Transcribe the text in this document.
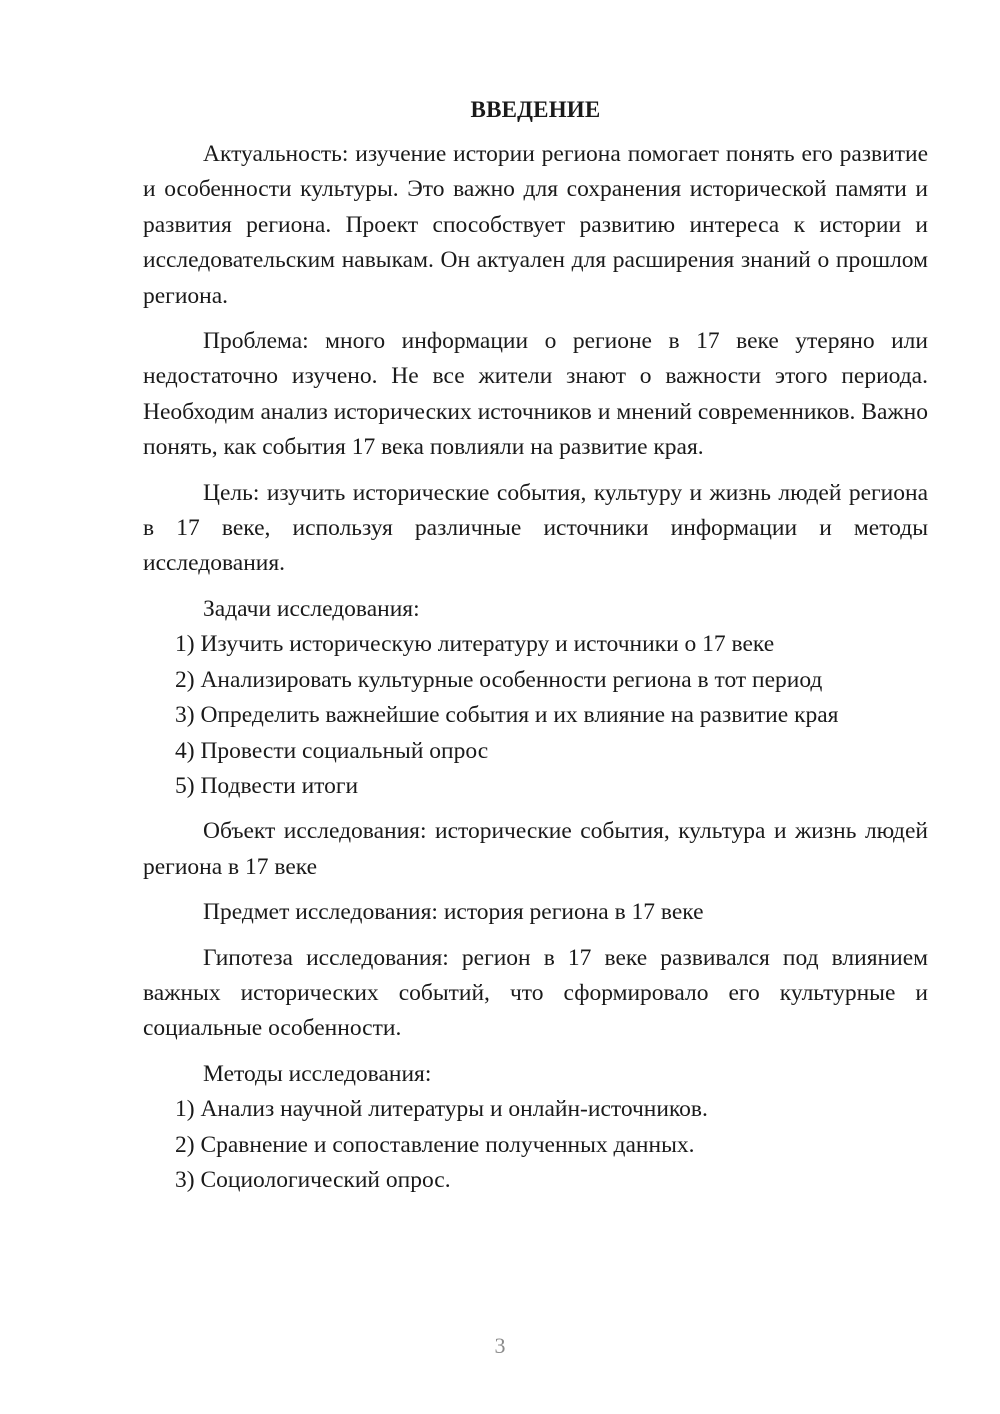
ВВЕДЕНИЕ

Актуальность: изучение истории региона помогает понять его развитие и особенности культуры. Это важно для сохранения исторической памяти и развития региона. Проект способствует развитию интереса к истории и исследовательским навыкам. Он актуален для расширения знаний о прошлом региона.

Проблема: много информации о регионе в 17 веке утеряно или недостаточно изучено. Не все жители знают о важности этого периода. Необходим анализ исторических источников и мнений современников. Важно понять, как события 17 века повлияли на развитие края.

Цель: изучить исторические события, культуру и жизнь людей региона в 17 веке, используя различные источники информации и методы исследования.

Задачи исследования:

1) Изучить историческую литературу и источники о 17 веке

2) Анализировать культурные особенности региона в тот период

3) Определить важнейшие события и их влияние на развитие края

4) Провести социальный опрос

5) Подвести итоги

Объект исследования: исторические события, культура и жизнь людей региона в 17 веке

Предмет исследования: история региона в 17 веке

Гипотеза исследования: регион в 17 веке развивался под влиянием важных исторических событий, что сформировало его культурные и социальные особенности.

Методы исследования:

1) Анализ научной литературы и онлайн-источников.

2) Сравнение и сопоставление полученных данных.

3) Социологический опрос.

3
